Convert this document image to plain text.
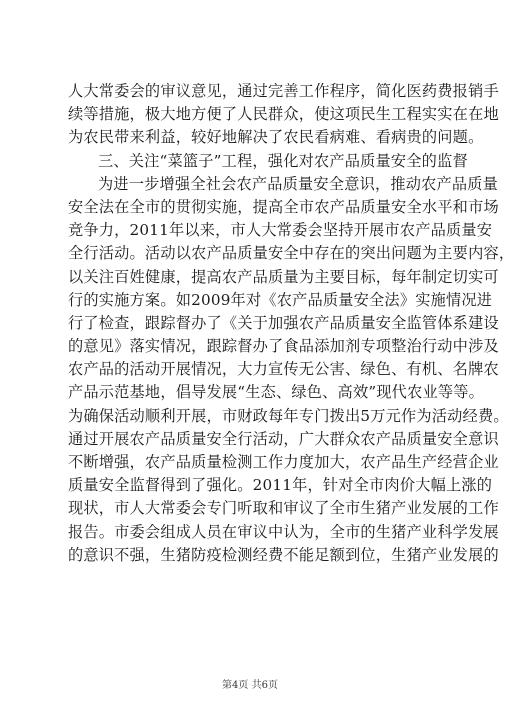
人大常委会的审议意见，通过完善工作程序，简化医药费报销手
续等措施，极大地方便了人民群众，使这项民生工程实实在在地
为农民带来利益，较好地解决了农民看病难、看病贵的问题。
三、关注“菜篮子”工程，强化对农产品质量安全的监督
为进一步增强全社会农产品质量安全意识，推动农产品质量
安全法在全市的贯彻实施，提高全市农产品质量安全水平和市场
竞争力，2011年以来，市人大常委会坚持开展市农产品质量安
全行活动。活动以农产品质量安全中存在的突出问题为主要内容，
以关注百姓健康，提高农产品质量为主要目标，每年制定切实可
行的实施方案。如2009年对《农产品质量安全法》实施情况进
行了检查，跟踪督办了《关于加强农产品质量安全监管体系建设
的意见》落实情况，跟踪督办了食品添加剂专项整治行动中涉及
农产品的活动开展情况，大力宣传无公害、绿色、有机、名牌农
产品示范基地，倡导发展“生态、绿色、高效”现代农业等等。
为确保活动顺利开展，市财政每年专门拨出5万元作为活动经费。
通过开展农产品质量安全行活动，广大群众农产品质量安全意识
不断增强，农产品质量检测工作力度加大，农产品生产经营企业
质量安全监督得到了强化。2011年，针对全市肉价大幅上涨的
现状，市人大常委会专门听取和审议了全市生猪产业发展的工作
报告。市委会组成人员在审议中认为，全市的生猪产业科学发展
的意识不强，生猪防疫检测经费不能足额到位，生猪产业发展的
第4页 共6页
